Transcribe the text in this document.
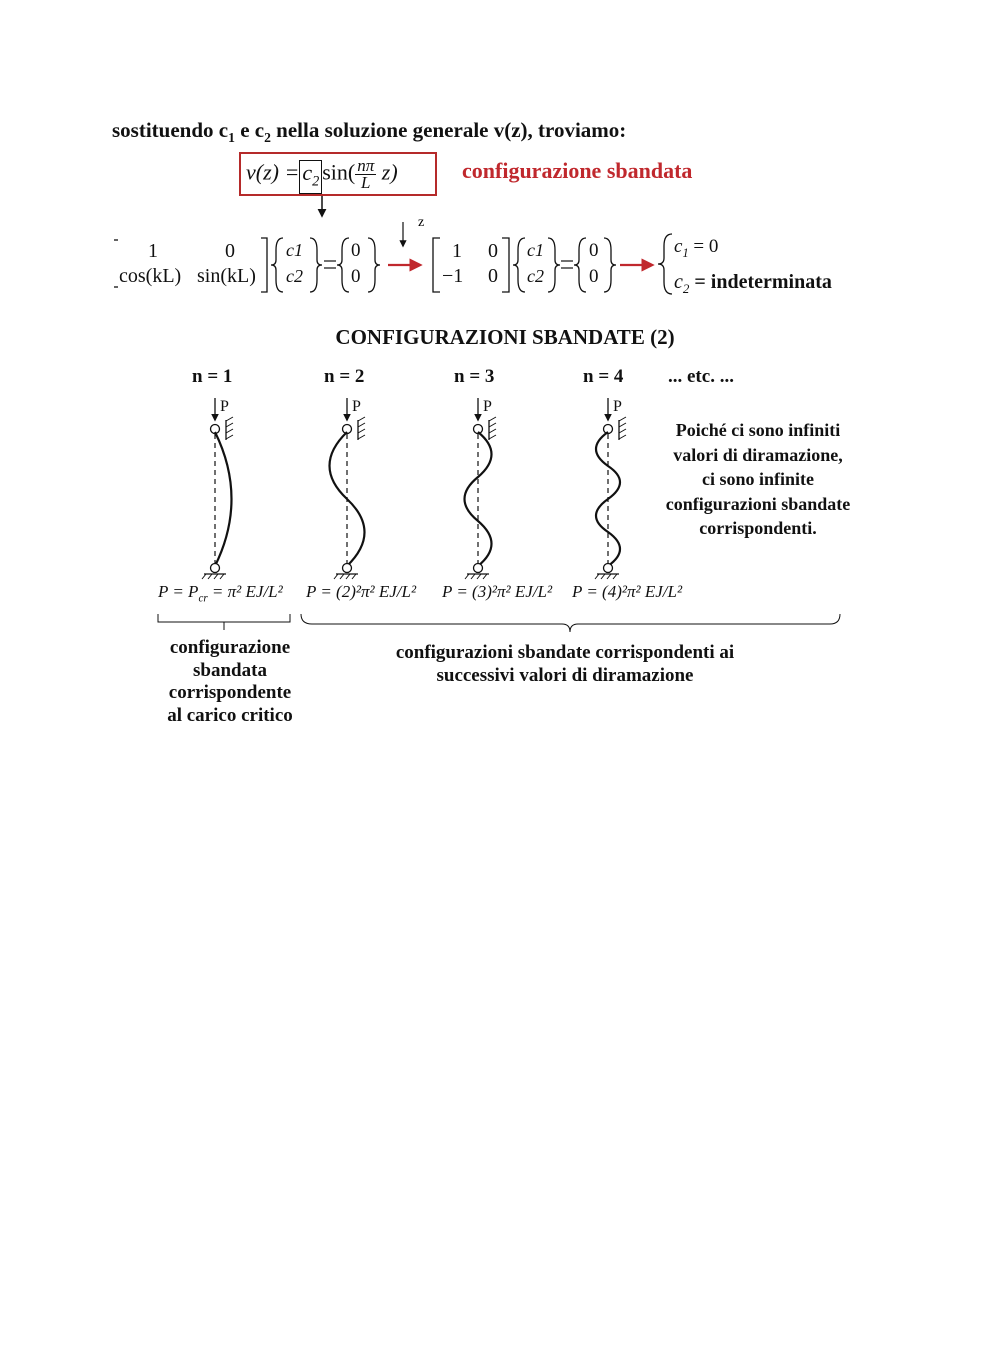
sostituendo $c_1$ e $c_2$ nella soluzione generale v(z), troviamo:
$v(z) = c_2$ $\sin( \frac{n\pi}{L} z)$	configurazione sbandata
z
P	P	P	P
1	0
cos(kL) sin(kL)
c1
c2
0
0
1 0
−1 0
c1
c2
0
0
$c_1 = 0$
$c_2$ = indeterminata
CONFIGURAZIONI SBANDATE (2)
n = 1	n = 2	n = 3	n = 4 ... etc. ...
Poiché ci sono infiniti
valori di diramazione,
ci sono infinite
configurazioni sbandate
corrispondenti.
$P = P_{cr} = \pi^2$ EJ/L² P = (2)²π² EJ/L² P = (3)²π² EJ/L² P = (4)²π² EJ/L²
configurazione
sbandata
corrispondente
al carico critico
configurazioni sbandate corrispondenti ai
successivi valori di diramazione
